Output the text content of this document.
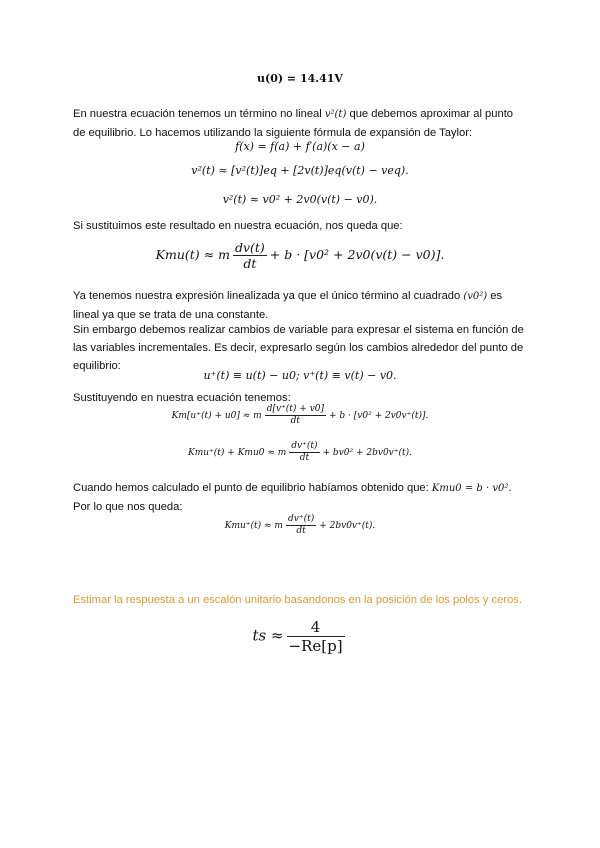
u(0) = 14.41V
En nuestra ecuación tenemos un término no lineal v²(t) que debemos aproximar al punto de equilibrio. Lo hacemos utilizando la siguiente fórmula de expansión de Taylor:
f(x) = f(a) + f′(a)(x − a)
v²(t) ≈ [v²(t)]eq + [2v(t)]eq(v(t) − veq).
v²(t) ≈ v0² + 2v0(v(t) − v0).
Si sustituimos este resultado en nuestra ecuación, nos queda que:
Kmu(t) ≈ m $\frac{dv(t)}{dt} + b \cdot [v0^2 + 2v0(v(t) - v0)]$.
Ya tenemos nuestra expresión linealizada ya que el único término al cuadrado (v0²) es lineal ya que se trata de una constante.
Sin embargo debemos realizar cambios de variable para expresar el sistema en función de las variables incrementales. Es decir, expresarlo según los cambios alrededor del punto de equilibrio:
u⁺(t) ≡ u(t) − u0; v⁺(t) ≡ v(t) − v0.
Sustituyendo en nuestra ecuación tenemos:
Km[u⁺(t) + u0] ≈ m $\frac{d[v^+(t) + v0]}{dt} + b \cdot [v0^2 + 2v0v^+(t)]$.
Kmu⁺(t) + Kmu0 ≈ m $\frac{dv^+(t)}{dt} + bv0^2 + 2bv0v^+(t)$.
Cuando hemos calculado el punto de equilibrio habíamos obtenido que: Kmu0 = b · v0². Por lo que nos queda:
Kmu⁺(t) ≈ m $\frac{dv^+(t)}{dt} + 2bv0v^+(t)$.
Estimar la respuesta a un escalón unitario basandonos en la posición de los polos y ceros.
ts ≈ $\frac{4}{-Re[p]}$
